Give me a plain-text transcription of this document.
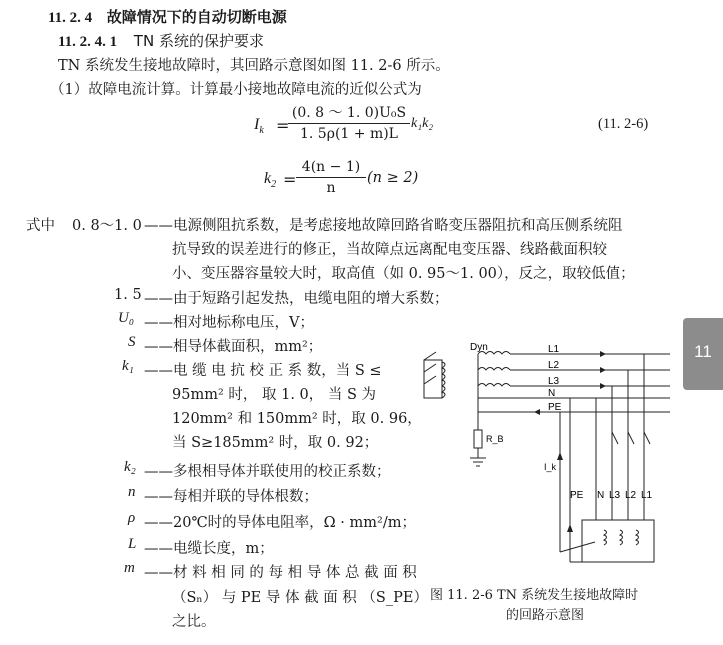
11. 2. 4 故障情况下的自动切断电源
11. 2. 4. 1 TN 系统的保护要求
TN 系统发生接地故障时，其回路示意图如图 11. 2-6 所示。
（1）故障电流计算。计算最小接地故障电流的近似公式为
$I_k$ =
(0. 8 ～ 1. 0)U₀S
1. 5ρ(1 + m)L
k₁k₂	(11. 2-6)
$k_2$ =
4(n − 1)
n
(n ≥ 2)
式中 0. 8～1. 0 ——电源侧阻抗系数，是考虑接地故障回路省略变压器阻抗和高压侧系统阻
抗导致的误差进行的修正，当故障点远离配电变压器、线路截面积较
小、变压器容量较大时，取高值（如 0. 95～1. 00），反之，取较低值；
1. 5 ——由于短路引起发热，电缆电阻的增大系数；
U₀ ——相对地标称电压，V；
S ——相导体截面积，mm²；
k₁ ——电 缆 电 抗 校 正 系 数，当 S ≤
95mm² 时， 取 1. 0， 当 S 为
120mm² 和 150mm² 时，取 0. 96，
当 S≥185mm² 时，取 0. 92；
k₂ ——多根相导体并联使用的校正系数；
n ——每相并联的导体根数；
ρ ——20℃时的导体电阻率，Ω · mm²/m；
L ——电缆长度，m；
m ——材 料 相 同 的 每 相 导 体 总 截 面 积
（Sₙ） 与 PE 导 体 截 面 积 （S_PE）
之比。
Dyn	L1
L2
L3
N
PE
R_B
I_k
PE N L3 L2 L1
图 11. 2-6 TN 系统发生接地故障时
的回路示意图
11
